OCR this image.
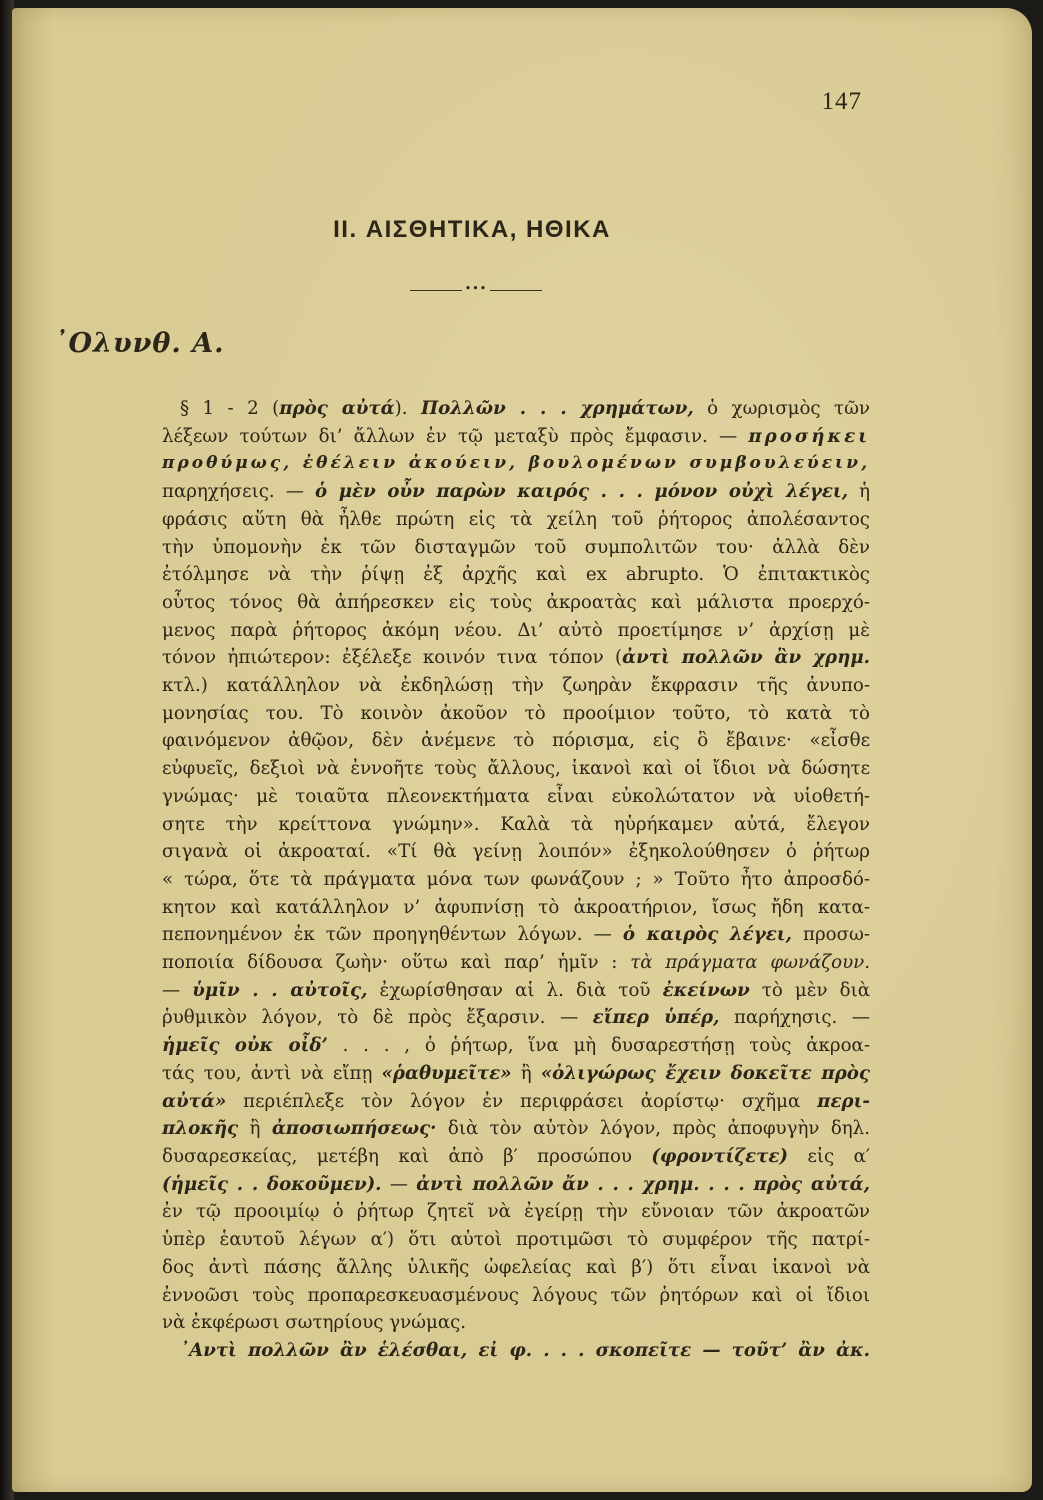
147
II. ΑΙΣΘΗΤΙΚΑ, ΗΘΙΚΑ
•••
᾿Ολυνθ. Α.
§ 1 - 2 (πρὸς αὐτά). Πολλῶν . . . χρημάτων, ὁ χωρισμὸς τῶν
λέξεων τούτων δι’ ἄλλων ἐν τῷ μεταξὺ πρὸς ἔμφασιν. — προσήκει
προθύμως, ἐθέλειν ἀκούειν, βουλομένων συμβουλεύειν,
παρηχήσεις. — ὁ μὲν οὖν παρὼν καιρός . . . μόνον οὐχὶ λέγει, ἡ
φράσις αὕτη θὰ ἦλθε πρώτη εἰς τὰ χείλη τοῦ ῥήτορος ἀπολέσαντος
τὴν ὑπομονὴν ἐκ τῶν δισταγμῶν τοῦ συμπολιτῶν του· ἀλλὰ δὲν
ἐτόλμησε νὰ τὴν ῥίψῃ ἐξ ἀρχῆς καὶ ex abrupto. Ὁ ἐπιτακτικὸς
οὗτος τόνος θὰ ἀπήρεσκεν εἰς τοὺς ἀκροατὰς καὶ μάλιστα προερχό-
μενος παρὰ ῥήτορος ἀκόμη νέου. Δι’ αὐτὸ προετίμησε ν’ ἀρχίσῃ μὲ
τόνον ἠπιώτερον: ἐξέλεξε κοινόν τινα τόπον (ἀντὶ πολλῶν ἂν χρημ.
κτλ.) κατάλληλον νὰ ἐκδηλώσῃ τὴν ζωηρὰν ἔκφρασιν τῆς ἀνυπο-
μονησίας του. Τὸ κοινὸν ἀκοῦον τὸ προοίμιον τοῦτο, τὸ κατὰ τὸ
φαινόμενον ἀθῷον, δὲν ἀνέμενε τὸ πόρισμα, εἰς ὃ ἔβαινε· «εἶσθε
εὐφυεῖς, δεξιοὶ νὰ ἐννοῆτε τοὺς ἄλλους, ἱκανοὶ καὶ οἱ ἴδιοι νὰ δώσητε
γνώμας· μὲ τοιαῦτα πλεονεκτήματα εἶναι εὐκολώτατον νὰ υἱοθετή-
σητε τὴν κρείττονα γνώμην». Καλὰ τὰ ηὑρήκαμεν αὐτά, ἔλεγον
σιγανὰ οἱ ἀκροαταί. «Τί θὰ γείνῃ λοιπόν» ἐξηκολούθησεν ὁ ῥήτωρ
« τώρα, ὅτε τὰ πράγματα μόνα των φωνάζουν ; » Τοῦτο ἦτο ἀπροσδό-
κητον καὶ κατάλληλον ν’ ἀφυπνίσῃ τὸ ἀκροατήριον, ἴσως ἤδη κατα-
πεπονημένον ἐκ τῶν προηγηθέντων λόγων. — ὁ καιρὸς λέγει, προσω-
ποποιία δίδουσα ζωὴν· οὕτω καὶ παρ’ ἡμῖν : τὰ πράγματα φωνάζουν.
— ὑμῖν . . αὐτοῖς, ἐχωρίσθησαν αἱ λ. διὰ τοῦ ἐκείνων τὸ μὲν διὰ
ῥυθμικὸν λόγον, τὸ δὲ πρὸς ἔξαρσιν. — εἴπερ ὑπέρ, παρήχησις. —
ἡμεῖς οὐκ οἶδ’ . . . , ὁ ῥήτωρ, ἵνα μὴ δυσαρεστήσῃ τοὺς ἀκροα-
τάς του, ἀντὶ νὰ εἴπῃ «ῥαθυμεῖτε» ἢ «ὀλιγώρως ἔχειν δοκεῖτε πρὸς
αὐτά» περιέπλεξε τὸν λόγον ἐν περιφράσει ἀορίστῳ· σχῆμα περι-
πλοκῆς ἢ ἀποσιωπήσεως· διὰ τὸν αὐτὸν λόγον, πρὸς ἀποφυγὴν δηλ.
δυσαρεσκείας, μετέβη καὶ ἀπὸ β′ προσώπου (φροντίζετε) εἰς α′
(ἡμεῖς . . δοκοῦμεν). — ἀντὶ πολλῶν ἄν . . . χρημ. . . . πρὸς αὐτά,
ἐν τῷ προοιμίῳ ὁ ῥήτωρ ζητεῖ νὰ ἐγείρῃ τὴν εὔνοιαν τῶν ἀκροατῶν
ὑπὲρ ἑαυτοῦ λέγων α′) ὅτι αὐτοὶ προτιμῶσι τὸ συμφέρον τῆς πατρί-
δος ἀντὶ πάσης ἄλλης ὑλικῆς ὠφελείας καὶ β′) ὅτι εἶναι ἱκανοὶ νὰ
ἐννοῶσι τοὺς προπαρεσκευασμένους λόγους τῶν ῥητόρων καὶ οἱ ἴδιοι
νὰ ἐκφέρωσι σωτηρίους γνώμας.
᾿Αντὶ πολλῶν ἂν ἑλέσθαι, εἰ φ. . . . σκοπεῖτε — τοῦτ’ ἂν ἀκ.
